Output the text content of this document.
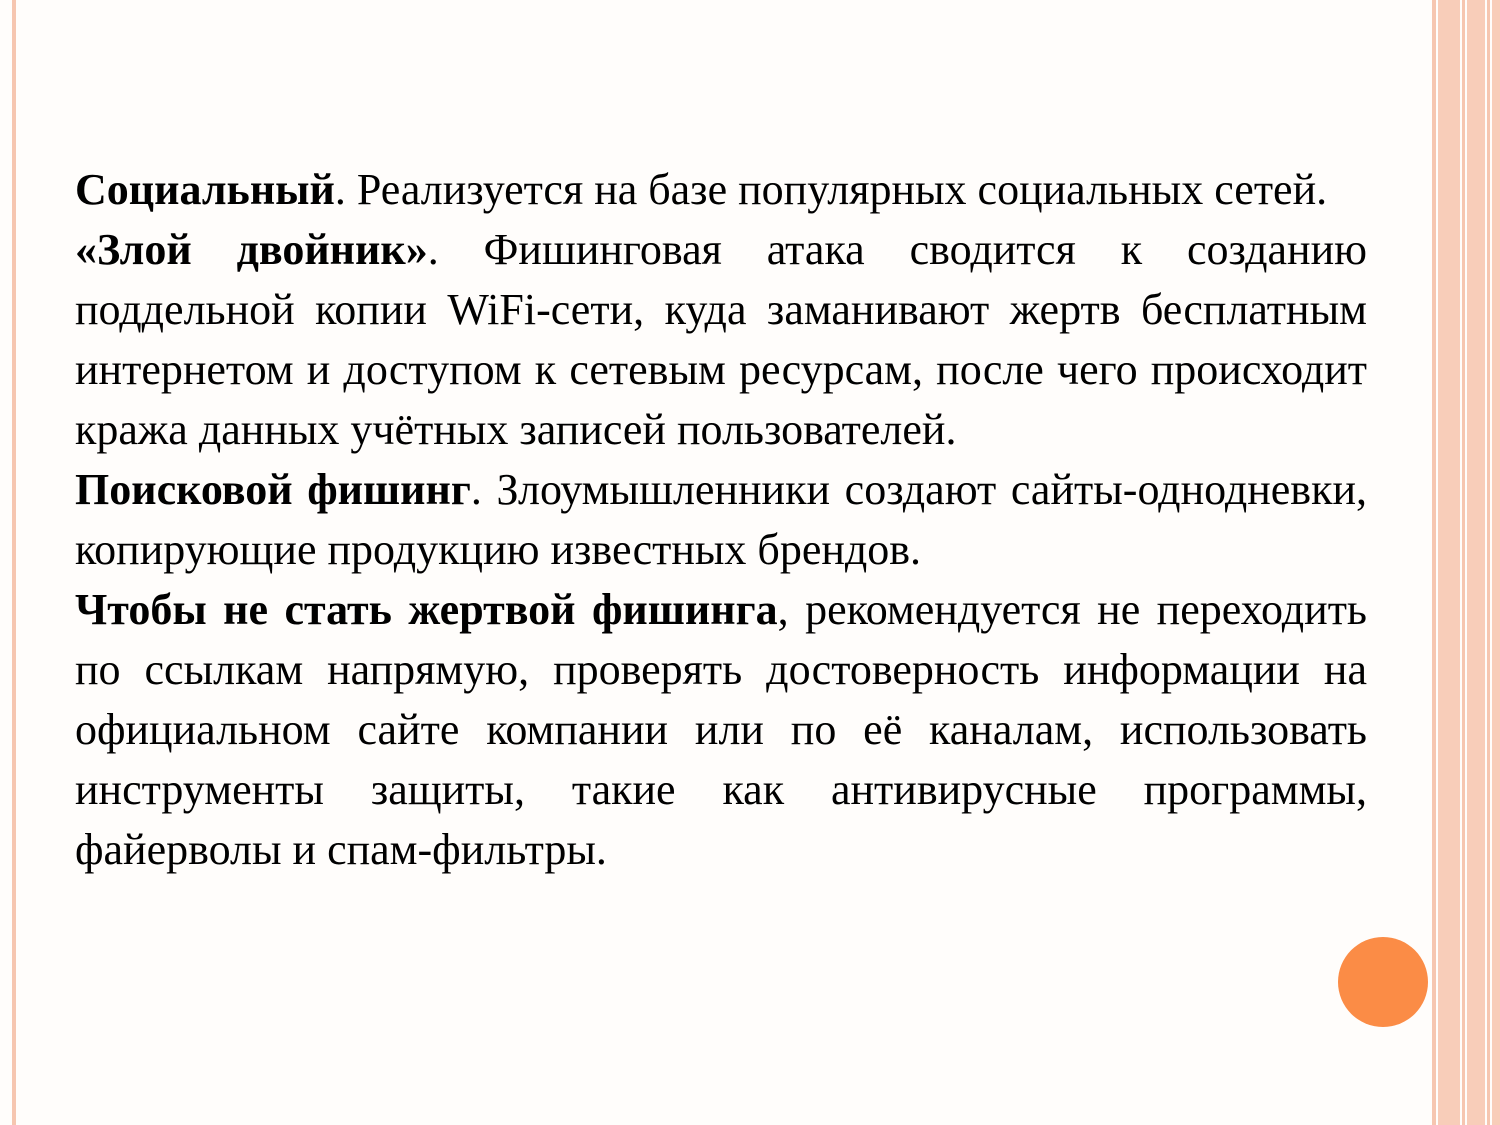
Социальный. Реализуется на базе популярных социальных сетей.

«Злой двойник». Фишинговая атака сводится к созданию поддельной копии WiFi-сети, куда заманивают жертв бесплатным интернетом и доступом к сетевым ресурсам, после чего происходит кража данных учётных записей пользователей.

Поисковой фишинг. Злоумышленники создают сайты-однодневки, копирующие продукцию известных брендов.

Чтобы не стать жертвой фишинга, рекомендуется не переходить по ссылкам напрямую, проверять достоверность информации на официальном сайте компании или по её каналам, использовать инструменты защиты, такие как антивирусные программы, файерволы и спам-фильтры.
